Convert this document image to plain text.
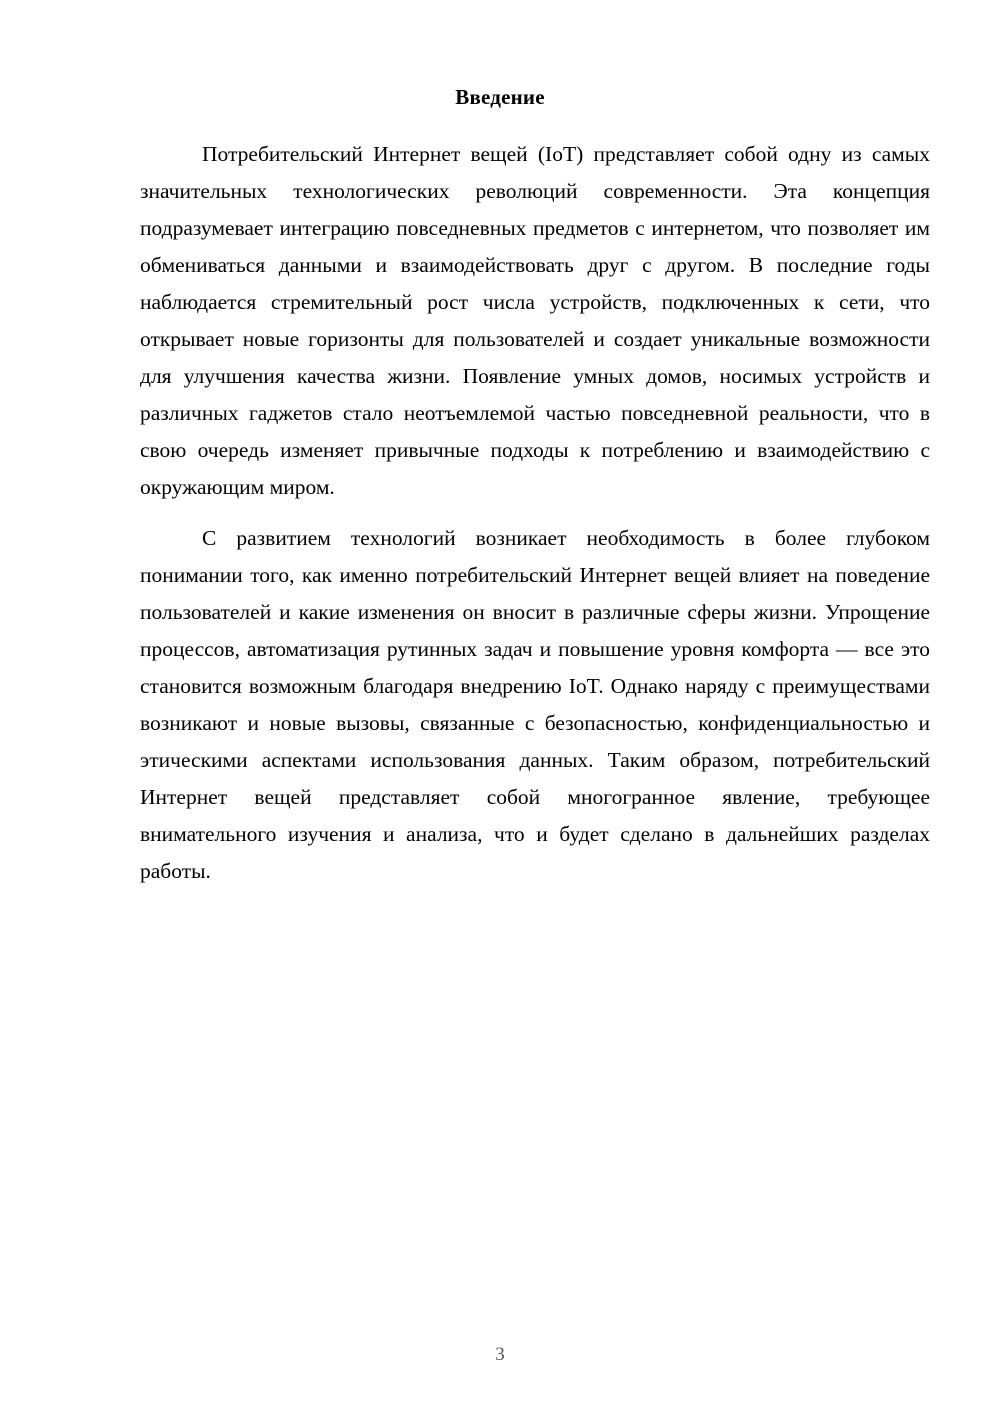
Введение

Потребительский Интернет вещей (IoT) представляет собой одну из самых значительных технологических революций современности. Эта концепция подразумевает интеграцию повседневных предметов с интернетом, что позволяет им обмениваться данными и взаимодействовать друг с другом. В последние годы наблюдается стремительный рост числа устройств, подключенных к сети, что открывает новые горизонты для пользователей и создает уникальные возможности для улучшения качества жизни. Появление умных домов, носимых устройств и различных гаджетов стало неотъемлемой частью повседневной реальности, что в свою очередь изменяет привычные подходы к потреблению и взаимодействию с окружающим миром.

С развитием технологий возникает необходимость в более глубоком понимании того, как именно потребительский Интернет вещей влияет на поведение пользователей и какие изменения он вносит в различные сферы жизни. Упрощение процессов, автоматизация рутинных задач и повышение уровня комфорта — все это становится возможным благодаря внедрению IoT. Однако наряду с преимуществами возникают и новые вызовы, связанные с безопасностью, конфиденциальностью и этическими аспектами использования данных. Таким образом, потребительский Интернет вещей представляет собой многогранное явление, требующее внимательного изучения и анализа, что и будет сделано в дальнейших разделах работы.

3
